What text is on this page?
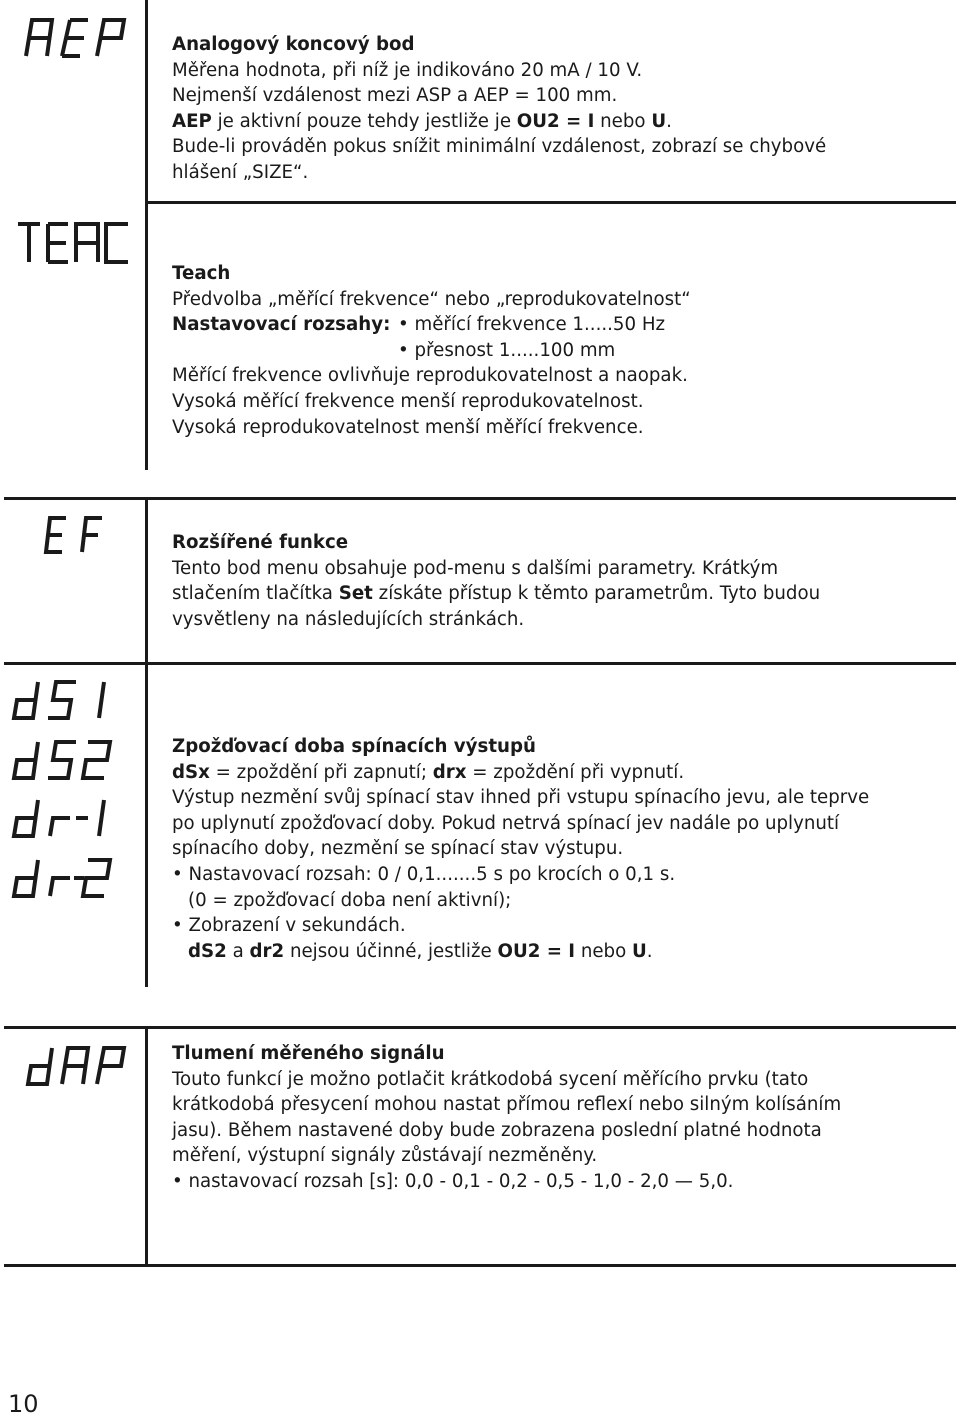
Analogový koncový bod

Měřena hodnota, při níž je indikováno 20 mA / 10 V.

Nejmenší vzdálenost mezi ASP a AEP = 100 mm.

AEP je aktivní pouze tehdy jestliže je OU2 = I nebo U.

Bude-li prováděn pokus snížit minimální vzdálenost, zobrazí se chybové

hlášení „SIZE“.

Teach

Předvolba „měřící frekvence“ nebo „reprodukovatelnost“

Nastavovací rozsahy: • měřící frekvence 1.....50 Hz

• přesnost 1.....100 mm

Měřící frekvence ovlivňuje reprodukovatelnost a naopak.

Vysoká měřící frekvence menší reprodukovatelnost.

Vysoká reprodukovatelnost menší měřící frekvence.

Rozšířené funkce

Tento bod menu obsahuje pod-menu s dalšími parametry. Krátkým

stlačením tlačítka Set získáte přístup k těmto parametrům. Tyto budou

vysvětleny na následujících stránkách.

Zpožďovací doba spínacích výstupů

dSx = zpoždění při zapnutí; drx = zpoždění při vypnutí.

Výstup nezmění svůj spínací stav ihned při vstupu spínacího jevu, ale teprve

po uplynutí zpožďovací doby. Pokud netrvá spínací jev nadále po uplynutí

spínacího doby, nezmění se spínací stav výstupu.

• Nastavovací rozsah: 0 / 0,1.......5 s po krocích o 0,1 s.

(0 = zpožďovací doba není aktivní);

• Zobrazení v sekundách.

dS2 a dr2 nejsou účinné, jestliže OU2 = I nebo U.

Tlumení měřeného signálu

Touto funkcí je možno potlačit krátkodobá sycení měřícího prvku (tato

krátkodobá přesycení mohou nastat přímou reflexí nebo silným kolísáním

jasu). Během nastavené doby bude zobrazena poslední platné hodnota

měření, výstupní signály zůstávají nezměněny.

• nastavovací rozsah [s]: 0,0 - 0,1 - 0,2 - 0,5 - 1,0 - 2,0 — 5,0.

10
